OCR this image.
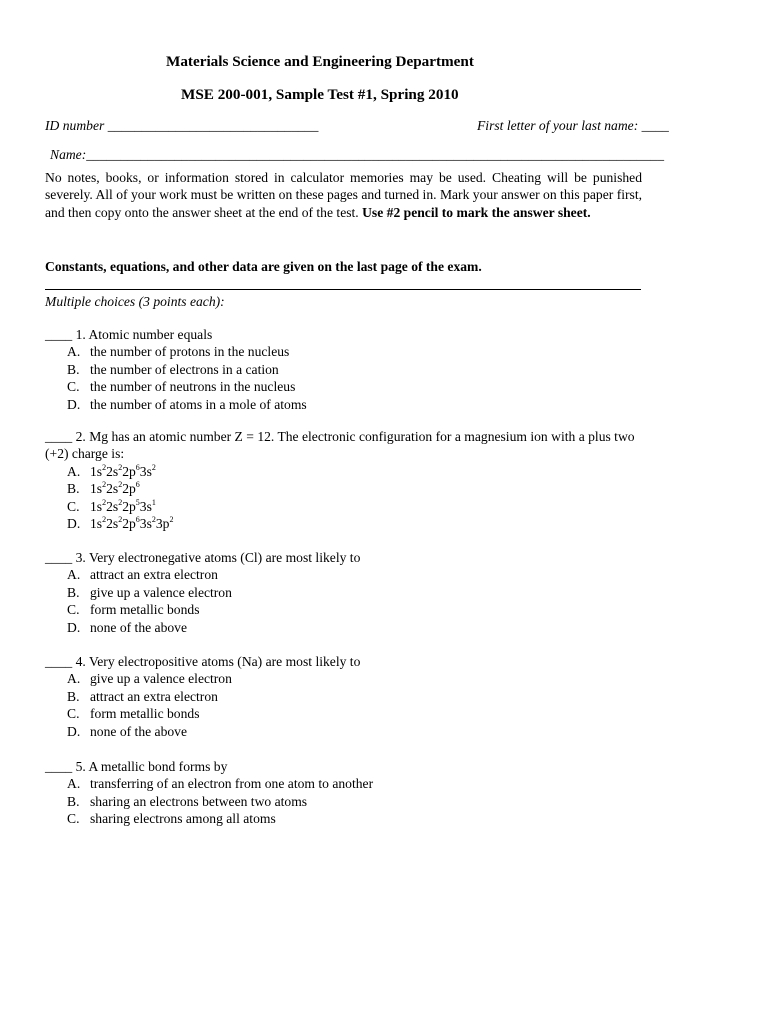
Materials Science and Engineering Department
MSE 200-001, Sample Test #1, Spring 2010
ID number _______________________________	First letter of your last name: ____
Name:_____________________________________________________________________________________
No notes, books, or information stored in calculator memories may be used. Cheating will be punished severely. All of your work must be written on these pages and turned in. Mark your answer on this paper first, and then copy onto the answer sheet at the end of the test. Use #2 pencil to mark the answer sheet.
Constants, equations, and other data are given on the last page of the exam.
Multiple choices (3 points each):
____ 1. Atomic number equals
A. the number of protons in the nucleus
B. the number of electrons in a cation
C. the number of neutrons in the nucleus
D. the number of atoms in a mole of atoms
____ 2. Mg has an atomic number Z = 12. The electronic configuration for a magnesium ion with a plus two (+2) charge is:
A. $1s^22s^22p^63s^2$
B. $1s^22s^22p^6$
C. $1s^22s^22p^53s^1$
D. $1s^22s^22p^63s^23p^2$
____ 3. Very electronegative atoms (Cl) are most likely to
A. attract an extra electron
B. give up a valence electron
C. form metallic bonds
D. none of the above
____ 4. Very electropositive atoms (Na) are most likely to
A. give up a valence electron
B. attract an extra electron
C. form metallic bonds
D. none of the above
____ 5. A metallic bond forms by
A. transferring of an electron from one atom to another
B. sharing an electrons between two atoms
C. sharing electrons among all atoms
